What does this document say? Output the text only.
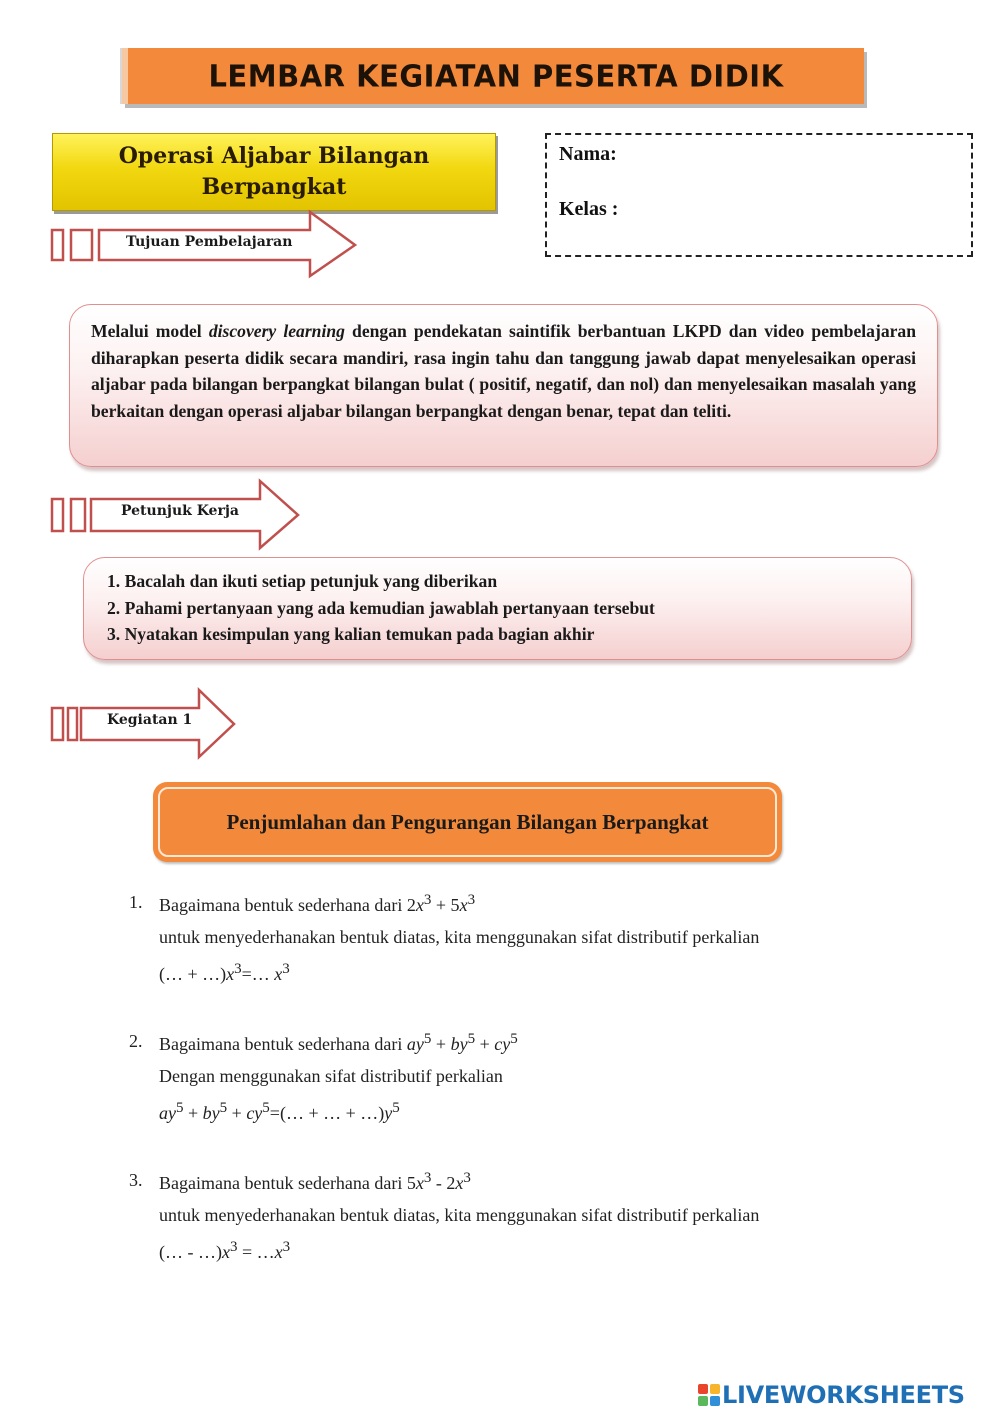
LEMBAR KEGIATAN PESERTA DIDIK
Operasi Aljabar Bilangan
Berpangkat
Nama:
Kelas :
Tujuan Pembelajaran
Melalui model discovery learning dengan pendekatan saintifik berbantuan LKPD dan video pembelajaran diharapkan peserta didik secara mandiri, rasa ingin tahu dan tanggung jawab dapat menyelesaikan operasi aljabar pada bilangan berpangkat bilangan bulat ( positif, negatif, dan nol) dan menyelesaikan masalah yang berkaitan dengan operasi aljabar bilangan berpangkat dengan benar, tepat dan teliti.
Petunjuk Kerja
1. Bacalah dan ikuti setiap petunjuk yang diberikan
2. Pahami pertanyaan yang ada kemudian jawablah pertanyaan tersebut
3. Nyatakan kesimpulan yang kalian temukan pada bagian akhir
Kegiatan 1
Penjumlahan dan Pengurangan Bilangan Berpangkat
1. Bagaimana bentuk sederhana dari $2x^3 + 5x^3$
untuk menyederhanakan bentuk diatas, kita menggunakan sifat distributif perkalian
(… + $\dots)x^3=\dots$ $x^3$
2. Bagaimana bentuk sederhana dari $ay^5 + by^5 + cy^5$
Dengan menggunakan sifat distributif perkalian
$ay^5 + by^5$ + $cy^5=(\dots$ + … + $\dots)y^5$
3. Bagaimana bentuk sederhana dari $5x^3 - 2x^3$
untuk menyederhanakan bentuk diatas, kita menggunakan sifat distributif perkalian
(… - $\dots)x^3$ = $\dots x^3$
LIVEWORKSHEETS
